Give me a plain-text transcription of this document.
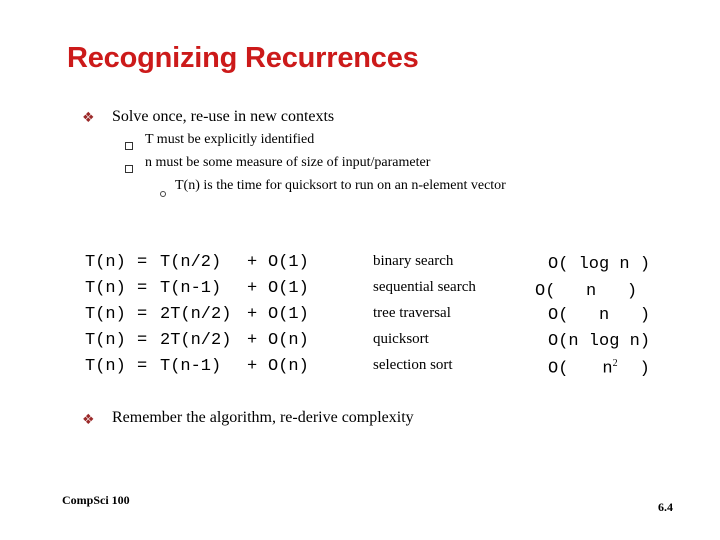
Recognizing Recurrences
❖ Solve once, re-use in new contexts
T must be explicitly identified
n must be some measure of size of input/parameter
T(n) is the time for quicksort to run on an n-element vector
T(n) = T(n/2) + O(1)	binary search	O( log n )
T(n) = T(n-1) + O(1)	sequential search	O(   n   )
T(n) = 2T(n/2) + O(1)	tree traversal	O(   n   )
T(n) = 2T(n/2) + O(n)	quicksort	O(n log n)
T(n) = T(n-1) + O(n)	selection sort	O( $n^2$ )
❖ Remember the algorithm, re-derive complexity
CompSci 100	6.4
